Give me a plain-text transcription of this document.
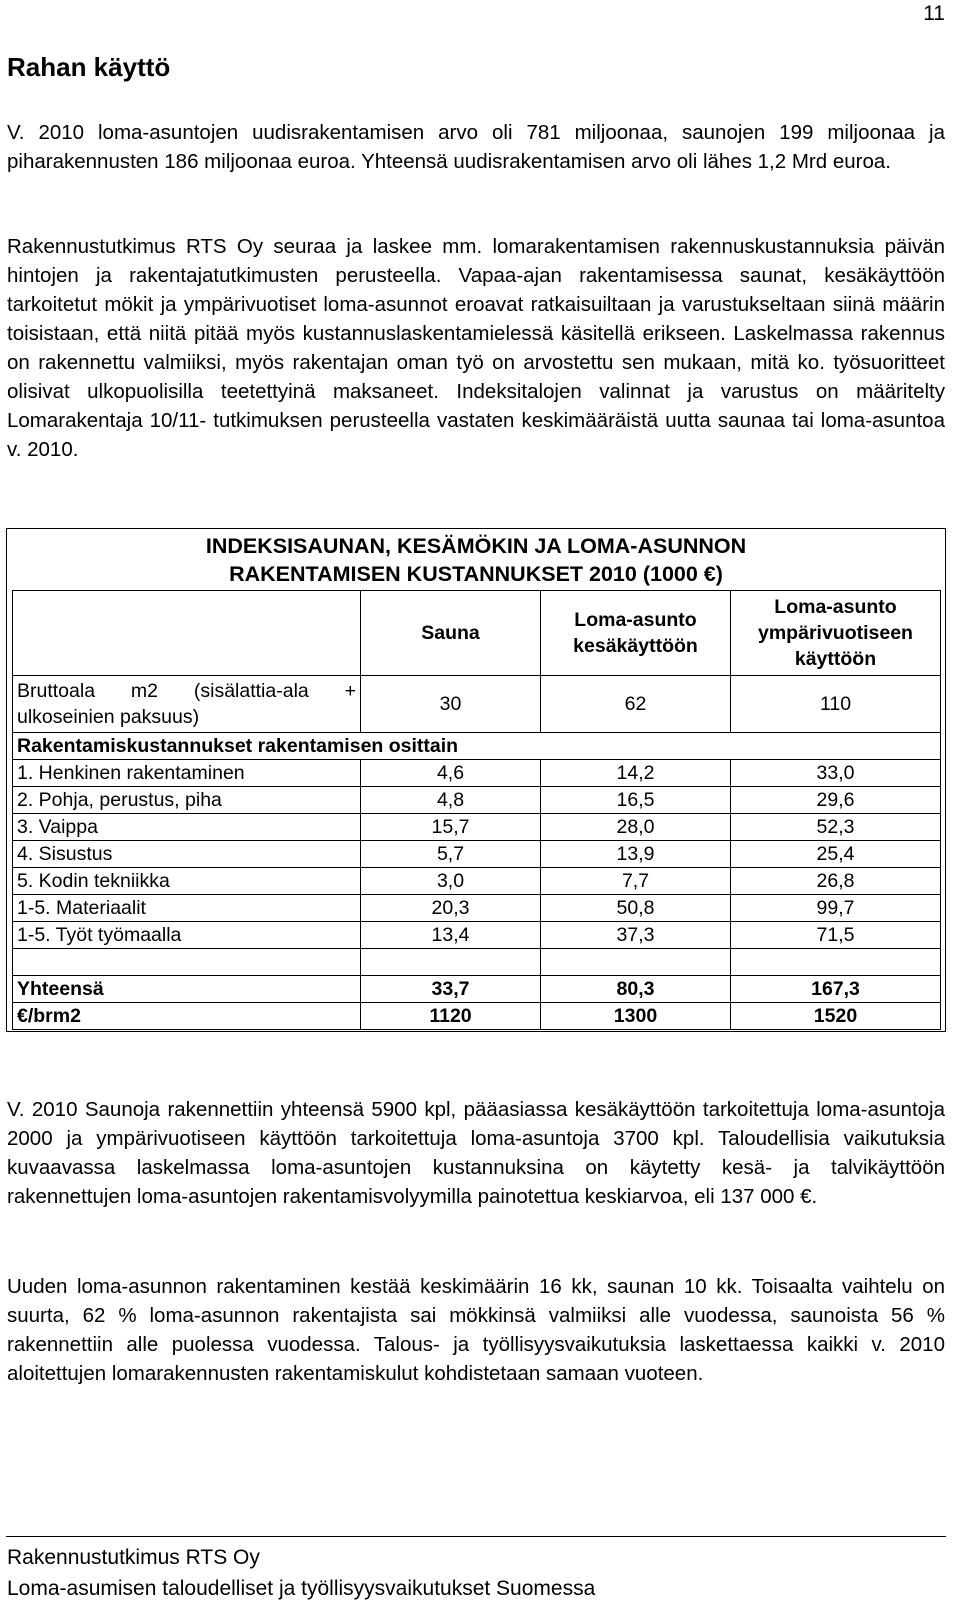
11
Rahan käyttö

V. 2010 loma-asuntojen uudisrakentamisen arvo oli 781 miljoonaa, saunojen 199 miljoonaa ja piharakennusten 186 miljoonaa euroa. Yhteensä uudisrakentamisen arvo oli lähes 1,2 Mrd euroa.

Rakennustutkimus RTS Oy seuraa ja laskee mm. lomarakentamisen rakennuskustannuksia päivän hintojen ja rakentajatutkimusten perusteella. Vapaa-ajan rakentamisessa saunat, kesäkäyttöön tarkoitetut mökit ja ympärivuotiset loma-asunnot eroavat ratkaisuiltaan ja varustukseltaan siinä määrin toisistaan, että niitä pitää myös kustannuslaskentamielessä käsitellä erikseen. Laskelmassa rakennus on rakennettu valmiiksi, myös rakentajan oman työ on arvostettu sen mukaan, mitä ko. työsuoritteet olisivat ulkopuolisilla teetettyinä maksaneet. Indeksitalojen valinnat ja varustus on määritelty Lomarakentaja 10/11- tutkimuksen perusteella vastaten keskimääräistä uutta saunaa tai loma-asuntoa v. 2010.

INDEKSISAUNAN, KESÄMÖKIN JA LOMA-ASUNNON
RAKENTAMISEN KUSTANNUKSET 2010 (1000 €)
	Sauna	Loma-asunto kesäkäyttöön	Loma-asunto ympärivuotiseen käyttöön

Bruttoala m2 (sisälattia-ala +
ulkoseinien paksuus)	30	62	110
Rakentamiskustannukset rakentamisen osittain			
1. Henkinen rakentaminen	4,6	14,2	33,0
2. Pohja, perustus, piha	4,8	16,5	29,6
3. Vaippa	15,7	28,0	52,3
4. Sisustus	5,7	13,9	25,4
5. Kodin tekniikka	3,0	7,7	26,8
1-5. Materiaalit	20,3	50,8	99,7
1-5. Työt työmaalla	13,4	37,3	71,5

Yhteensä	33,7	80,3	167,3
€/brm2	1120	1300	1520

V. 2010 Saunoja rakennettiin yhteensä 5900 kpl, pääasiassa kesäkäyttöön tarkoitettuja loma-asuntoja 2000 ja ympärivuotiseen käyttöön tarkoitettuja loma-asuntoja 3700 kpl. Taloudellisia vaikutuksia kuvaavassa laskelmassa loma-asuntojen kustannuksina on käytetty kesä- ja talvikäyttöön rakennettujen loma-asuntojen rakentamisvolyymilla painotettua keskiarvoa, eli 137 000 €.

Uuden loma-asunnon rakentaminen kestää keskimäärin 16 kk, saunan 10 kk. Toisaalta vaihtelu on suurta, 62 % loma-asunnon rakentajista sai mökkinsä valmiiksi alle vuodessa, saunoista 56 % rakennettiin alle puolessa vuodessa. Talous- ja työllisyysvaikutuksia laskettaessa kaikki v. 2010 aloitettujen lomarakennusten rakentamiskulut kohdistetaan samaan vuoteen.

Rakennustutkimus RTS Oy
Loma-asumisen taloudelliset ja työllisyysvaikutukset Suomessa
